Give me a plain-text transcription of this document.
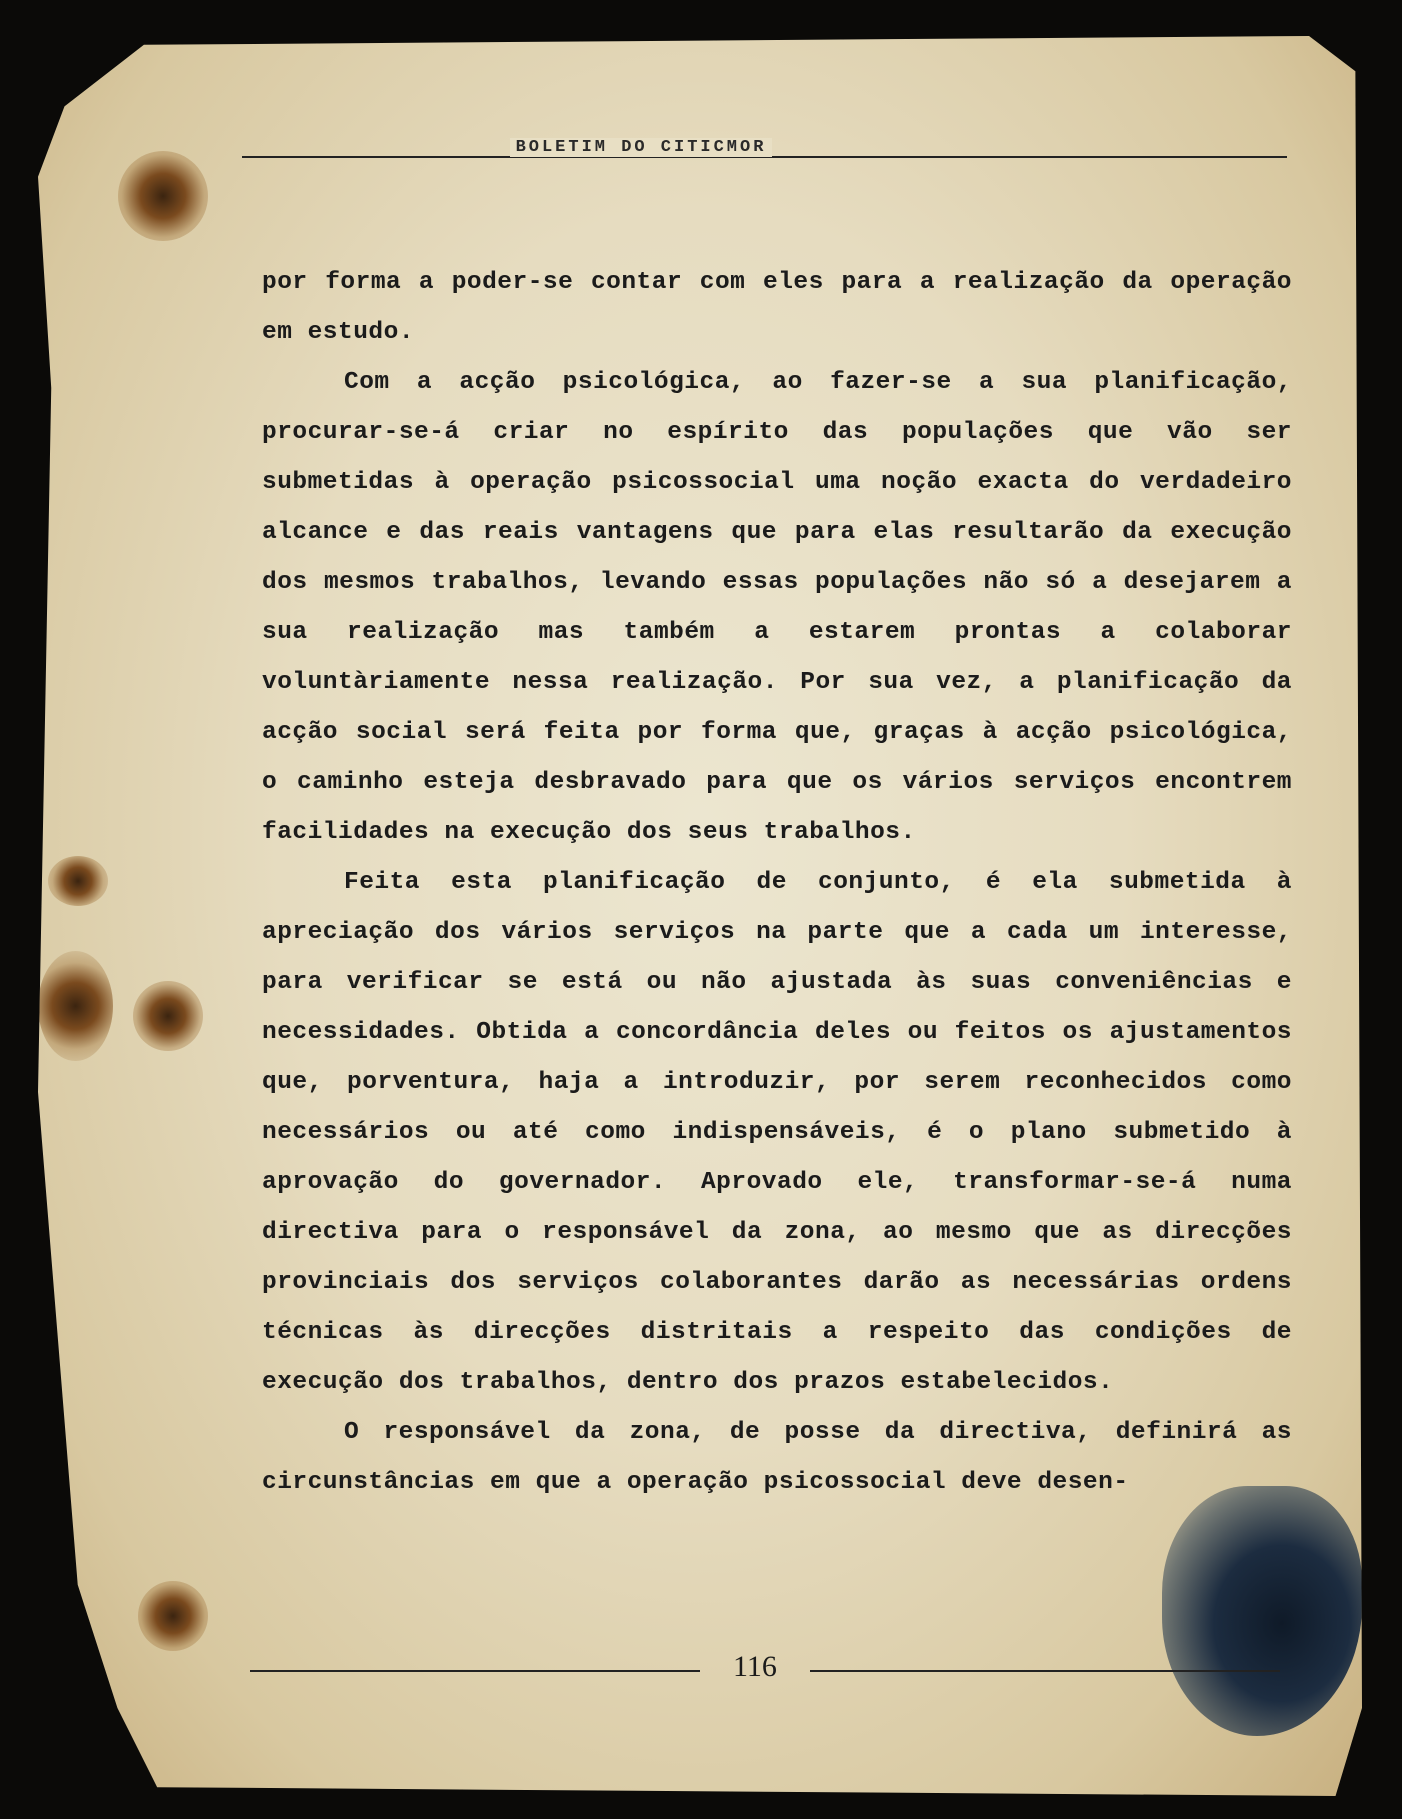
BOLETIM DO CITICMOR

por forma a poder-se contar com eles para a realização da operação em estudo.

Com a acção psicológica, ao fazer-se a sua planificação, procurar-se-á criar no espírito das populações que vão ser submetidas à operação psicossocial uma noção exacta do verdadeiro alcance e das reais vantagens que para elas resultarão da execução dos mesmos trabalhos, levando essas populações não só a desejarem a sua realização mas também a estarem prontas a colaborar voluntàriamente nessa realização. Por sua vez, a planificação da acção social será feita por forma que, graças à acção psicológica, o caminho esteja desbravado para que os vários serviços encontrem facilidades na execução dos seus trabalhos.

Feita esta planificação de conjunto, é ela submetida à apreciação dos vários serviços na parte que a cada um interesse, para verificar se está ou não ajustada às suas conveniências e necessidades. Obtida a concordância deles ou feitos os ajustamentos que, porventura, haja a introduzir, por serem reconhecidos como necessários ou até como indispensáveis, é o plano submetido à aprovação do governador. Aprovado ele, transformar-se-á numa directiva para o responsável da zona, ao mesmo que as direcções provinciais dos serviços colaborantes darão as necessárias ordens técnicas às direcções distritais a respeito das condições de execução dos trabalhos, dentro dos prazos estabelecidos.

O responsável da zona, de posse da directiva, definirá as circunstâncias em que a operação psicossocial deve desen-

116
